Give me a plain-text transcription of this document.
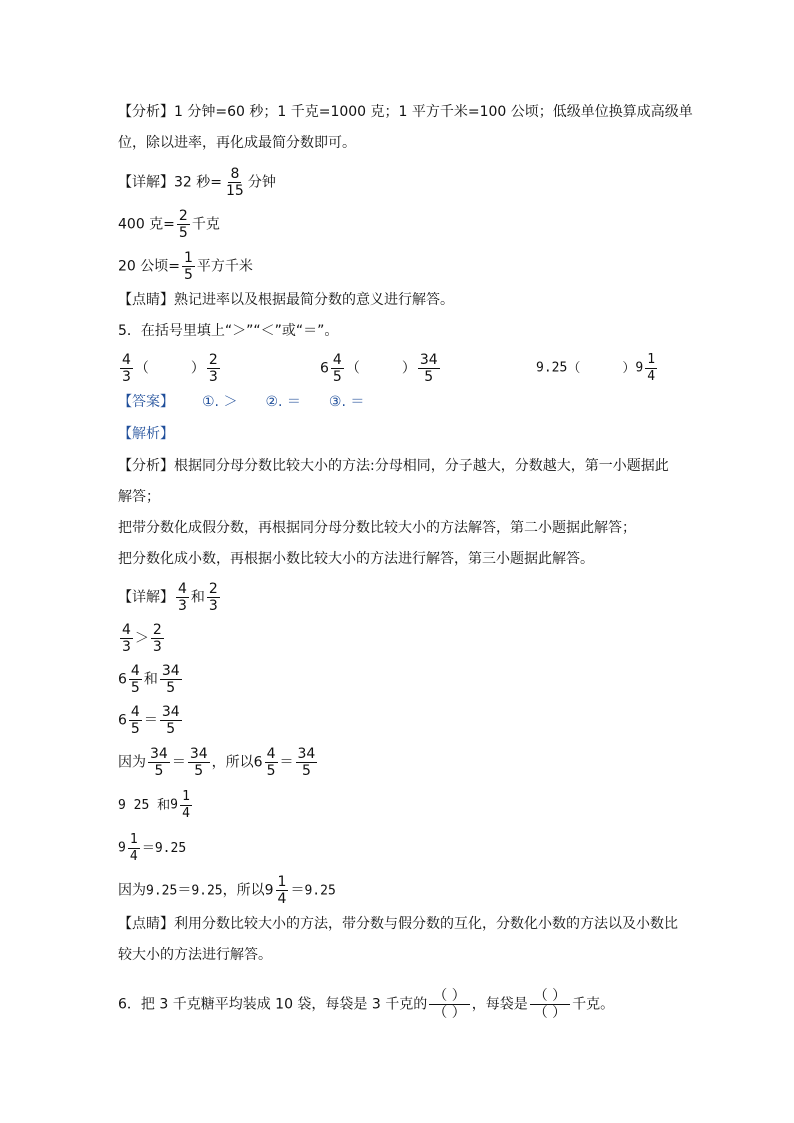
【分析】1 分钟=60 秒；1 千克=1000 克；1 平方千米=100 公顷；低级单位换算成高级单
位，除以进率，再化成最简分数即可。
【详解】32 秒= $\frac{8}{15}$ 分钟
400 克= $\frac{2}{5}$ 千克
20 公顷= $\frac{1}{5}$ 平方千米
【点睛】熟记进率以及根据最简分数的意义进行解答。
5．在括号里填上“＞”“＜”或“＝”。
$\frac{4}{3}$ （	） $\frac{2}{3}$	$6 \frac{4}{5}$ （	） $\frac{34}{5}$	9.25（	）$9 \frac{1}{4}$
【答案】 ①. ＞ ②. ＝ ③. ＝
【解析】
【分析】根据同分母分数比较大小的方法:分母相同，分子越大，分数越大，第一小题据此
解答；
把带分数化成假分数，再根据同分母分数比较大小的方法解答，第二小题据此解答；
把分数化成小数，再根据小数比较大小的方法进行解答，第三小题据此解答。
【详解】 $\frac{4}{3}$ 和 $\frac{2}{3}$
$\frac{4}{3} > \frac{2}{3}$
$6 \frac{4}{5}$ 和 $\frac{34}{5}$
$6 \frac{4}{5} = \frac{34}{5}$
因为 $\frac{34}{5} = \frac{34}{5}$ ，所以$6 \frac{4}{5} = \frac{34}{5}$
9 25 和$9 \frac{1}{4}$
$9 \frac{1}{4} =9.25$
因为9.25＝9.25，所以$9 \frac{1}{4} =9.25$
【点睛】利用分数比较大小的方法，带分数与假分数的互化，分数化小数的方法以及小数比
较大小的方法进行解答。
6．把 3 千克糖平均装成 10 袋，每袋是 3 千克的 $\frac{( )}{( )}$ ，每袋是 $\frac{( )}{( )}$ 千克。
